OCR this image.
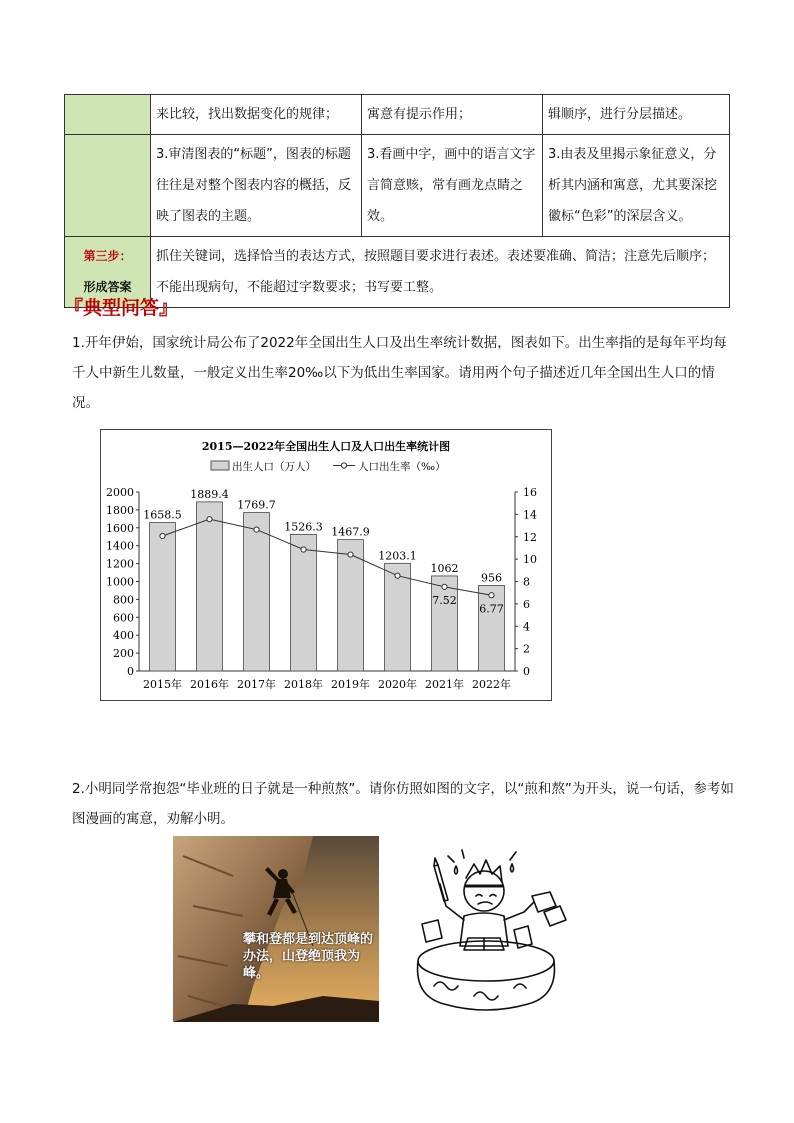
	来比较，找出数据变化的规律；	寓意有提示作用；	辑顺序，进行分层描述。
	3.审清图表的“标题”，图表的标题往往是对整个图表内容的概括，反映了图表的主题。	3.看画中字，画中的语言文字言简意赅，常有画龙点睛之效。	3.由表及里揭示象征意义，分析其内涵和寓意，尤其要深挖徽标“色彩”的深层含义。

第三步：
形成答案	抓住关键词，选择恰当的表达方式，按照题目要求进行表述。表述要准确、简洁；注意先后顺序；不能出现病句，不能超过字数要求；书写要工整。		
『典型问答』
1.开年伊始，国家统计局公布了2022年全国出生人口及出生率统计数据，图表如下。出生率指的是每年平均每千人中新生儿数量，一般定义出生率20‰以下为低出生率国家。请用两个句子描述近几年全国出生人口的情况。
2015—2022年全国出生人口及人口出生率统计图
出生人口（万人）	人口出生率（‰）
0
200
400
600
800
1000
1200
1400
1600
1800
2000
0
2
4
6
8
10
12
14
16
1658.5
2015年
1889.4
2016年
1769.7
2017年
1526.3
2018年
1467.9
2019年
1203.1
2020年
1062
2021年
956
2022年
7.52
6.77
2.小明同学常抱怨“毕业班的日子就是一种煎熬”。请你仿照如图的文字，以“煎和熬”为开头，说一句话，参考如图漫画的寓意，劝解小明。
攀和登都是到达顶峰的办法，山登绝顶我为峰。
